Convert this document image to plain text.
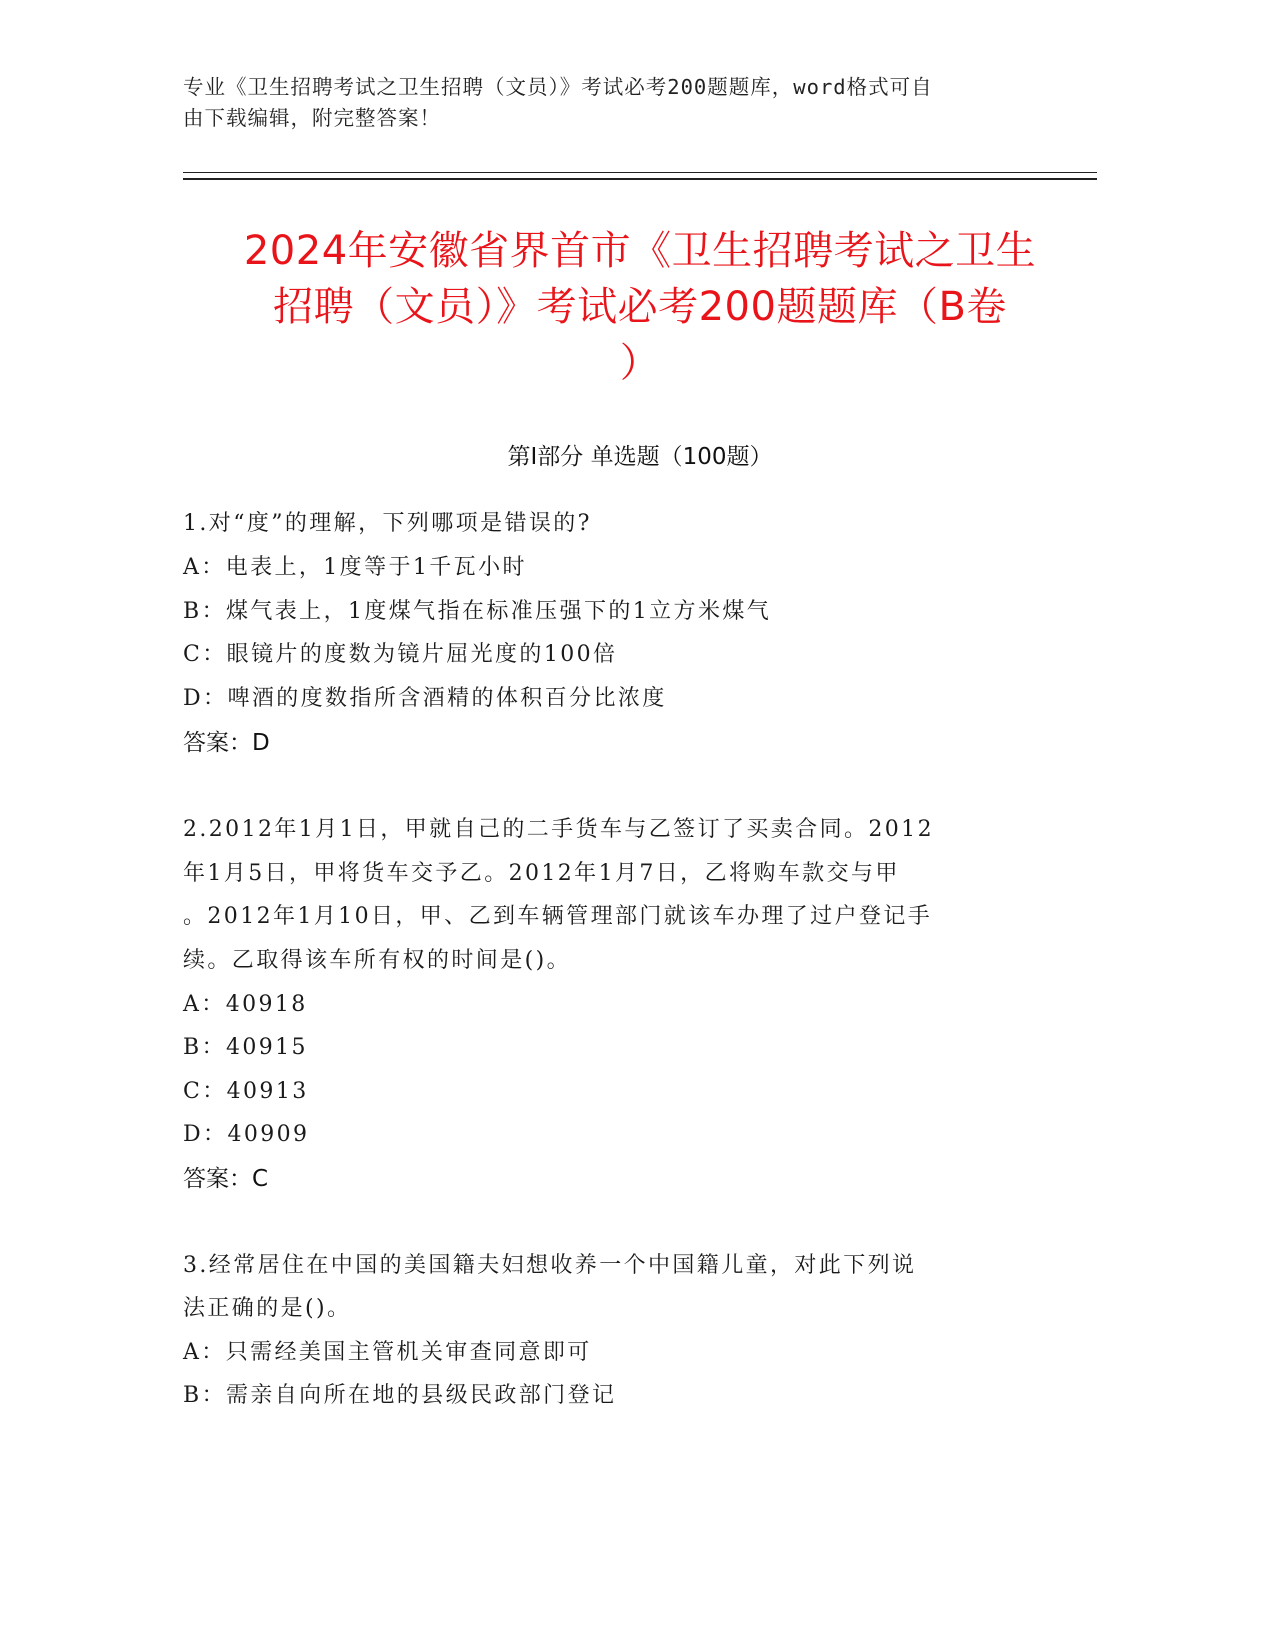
专业《卫生招聘考试之卫生招聘（文员）》考试必考200题题库，word格式可自
由下载编辑，附完整答案！
2024年安徽省界首市《卫生招聘考试之卫生
招聘（文员）》考试必考200题题库（B卷
）
第Ⅰ部分 单选题（100题）
1.对“度”的理解，下列哪项是错误的?
A：电表上，1度等于1千瓦小时
B：煤气表上，1度煤气指在标准压强下的1立方米煤气
C：眼镜片的度数为镜片屈光度的100倍
D：啤酒的度数指所含酒精的体积百分比浓度
答案：D
2.2012年1月1日，甲就自己的二手货车与乙签订了买卖合同。2012
年1月5日，甲将货车交予乙。2012年1月7日，乙将购车款交与甲
。2012年1月10日，甲、乙到车辆管理部门就该车办理了过户登记手
续。乙取得该车所有权的时间是()。
A：40918
B：40915
C：40913
D：40909
答案：C
3.经常居住在中国的美国籍夫妇想收养一个中国籍儿童，对此下列说
法正确的是()。
A：只需经美国主管机关审查同意即可
B：需亲自向所在地的县级民政部门登记
